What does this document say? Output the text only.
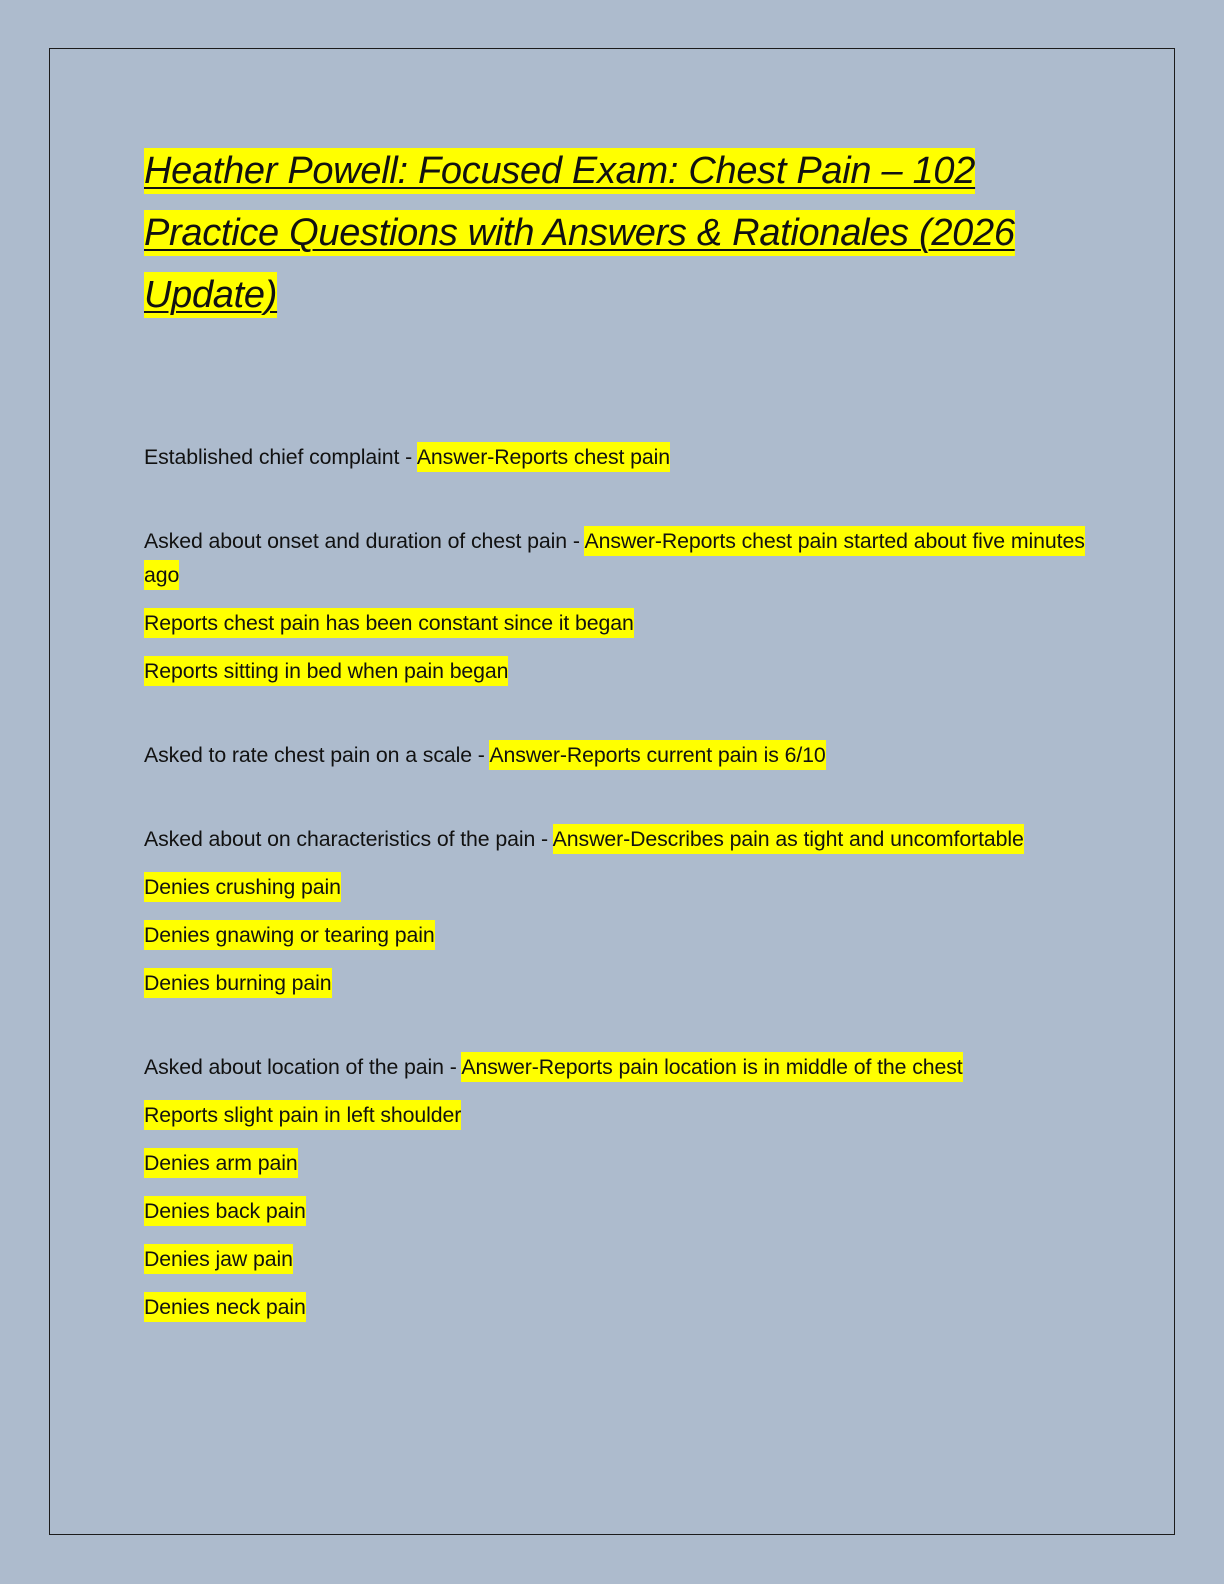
Heather Powell: Focused Exam: Chest Pain – 102 Practice Questions with Answers & Rationales (2026 Update)

Established chief complaint - Answer-Reports chest pain

Asked about onset and duration of chest pain - Answer-Reports chest pain started about five minutes ago

Reports chest pain has been constant since it began

Reports sitting in bed when pain began

Asked to rate chest pain on a scale - Answer-Reports current pain is 6/10

Asked about on characteristics of the pain - Answer-Describes pain as tight and uncomfortable

Denies crushing pain

Denies gnawing or tearing pain

Denies burning pain

Asked about location of the pain - Answer-Reports pain location is in middle of the chest

Reports slight pain in left shoulder

Denies arm pain

Denies back pain

Denies jaw pain

Denies neck pain
